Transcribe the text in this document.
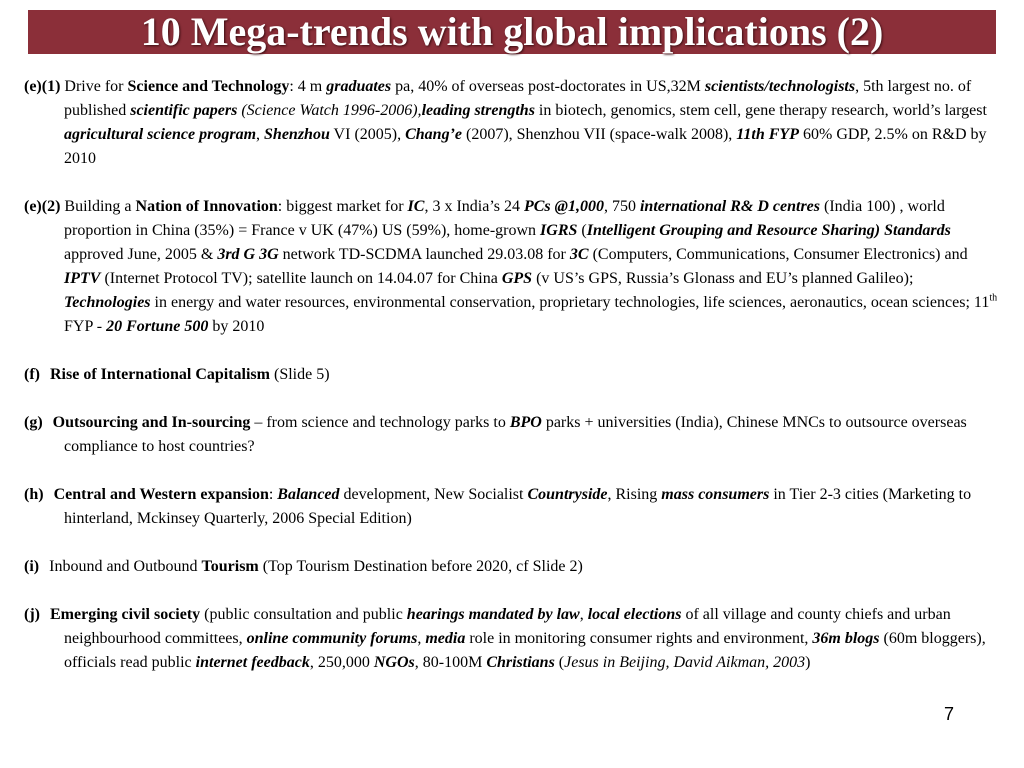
10 Mega-trends with global implications (2)

(e)(1) Drive for Science and Technology: 4 m graduates pa, 40% of overseas post-doctorates in US,32M scientists/technologists, 5th largest no. of published scientific papers (Science Watch 1996-2006),leading strengths in biotech, genomics, stem cell, gene therapy research, world’s largest agricultural science program, Shenzhou VI (2005), Chang’e (2007), Shenzhou VII (space-walk 2008), 11th FYP 60% GDP, 2.5% on R&D by 2010

(e)(2) Building a Nation of Innovation: biggest market for IC, 3 x India’s 24 PCs @1,000, 750 international R& D centres (India 100) , world proportion in China (35%) = France v UK (47%) US (59%), home-grown IGRS (Intelligent Grouping and Resource Sharing) Standards approved June, 2005 & 3rd G 3G network TD-SCDMA launched 29.03.08 for 3C (Computers, Communications, Consumer Electronics) and IPTV (Internet Protocol TV); satellite launch on 14.04.07 for China GPS (v US’s GPS, Russia’s Glonass and EU’s planned Galileo); Technologies in energy and water resources, environmental conservation, proprietary technologies, life sciences, aeronautics, ocean sciences; 11th FYP - 20 Fortune 500 by 2010

(f) Rise of International Capitalism (Slide 5)

(g) Outsourcing and In-sourcing – from science and technology parks to BPO parks + universities (India), Chinese MNCs to outsource overseas compliance to host countries?

(h) Central and Western expansion: Balanced development, New Socialist Countryside, Rising mass consumers in Tier 2-3 cities (Marketing to hinterland, Mckinsey Quarterly, 2006 Special Edition)

(i) Inbound and Outbound Tourism (Top Tourism Destination before 2020, cf Slide 2)

(j) Emerging civil society (public consultation and public hearings mandated by law, local elections of all village and county chiefs and urban neighbourhood committees, online community forums, media role in monitoring consumer rights and environment, 36m blogs (60m bloggers), officials read public internet feedback, 250,000 NGOs, 80-100M Christians (Jesus in Beijing, David Aikman, 2003)

7
